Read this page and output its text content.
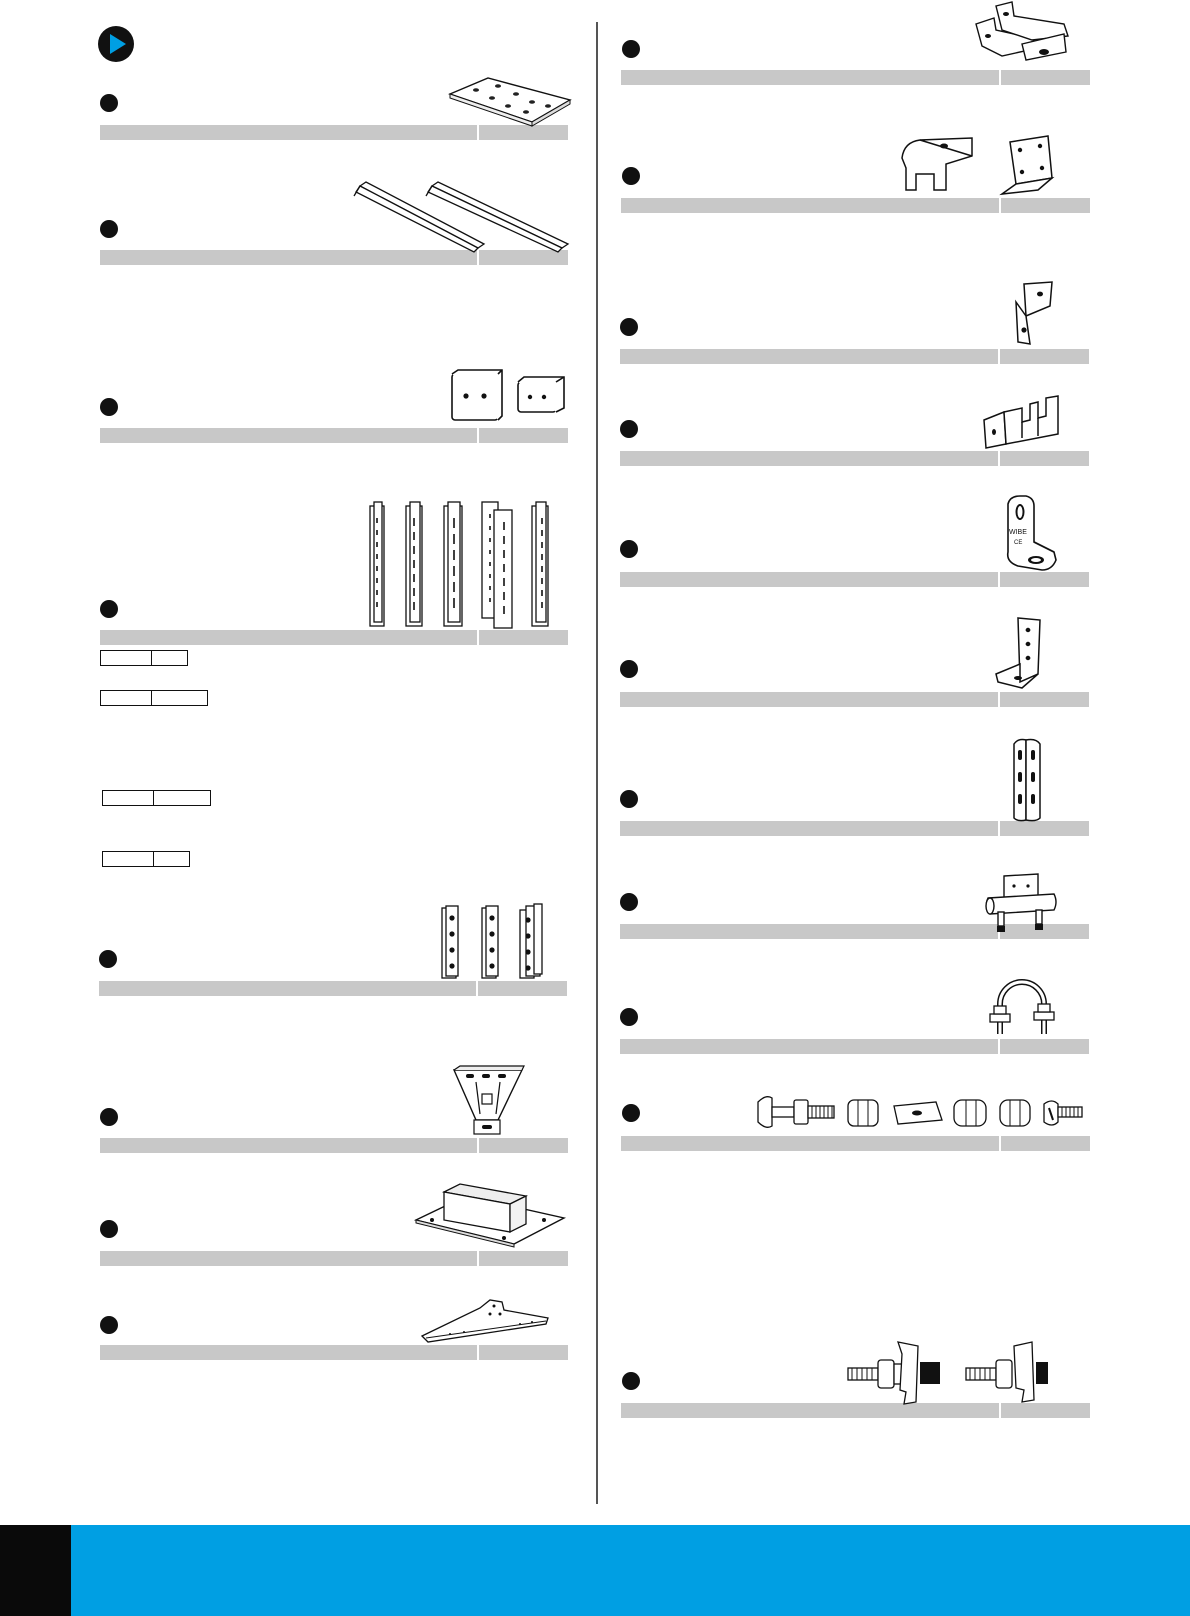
WIBE
CE
